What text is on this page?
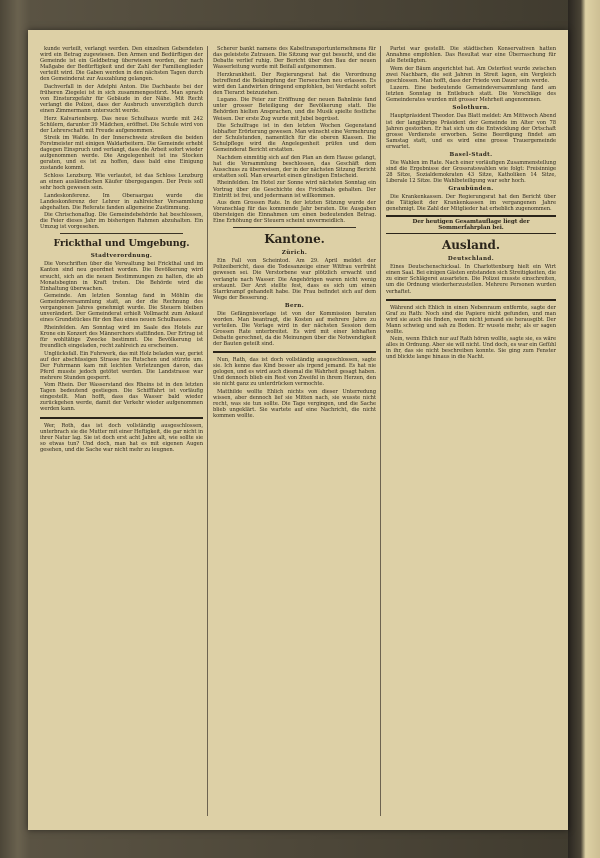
kunde verteilt, verlangt werden. Den einzelnen Gebendeten wird ein Betrag zugewiesen. Den Armen und Bedürftigen der Gemeinde ist ein Geldbetrag überwiesen worden, der nach Maßgabe der Bedürftigkeit und der Zahl der Familienglieder verteilt wird. Die Gaben werden in den nächsten Tagen durch den Gemeinderat zur Auszahlung gelangen.

Dachverfall in der Adelphi Anton. Die Dachbaute bei der früheren Ziegelei ist in sich zusammengestürzt. Man sprach von Einsturzgefahr für Gebäude in der Nähe. Mit Recht verlangt die Polizei, dass der Ausbruch unverzüglich durch einen Zimmermann untersucht werde.

Herz Kalvarienberg. Das neue Schulhaus wurde mit 242 Schülern, darunter 39 Mädchen, eröffnet. Die Schule wird von der Lehrerschaft mit Freude aufgenommen.

Streik im Walde. In der Innerschweiz streiken die beiden Forstmeister mit einigen Waldarbeitern. Die Gemeinde erhebt dagegen Einspruch und verlangt, dass die Arbeit sofort wieder aufgenommen werde. Die Angelegenheit ist ins Stocken geraten, und es ist zu hoffen, dass bald eine Einigung zustande kommt.

Schloss Lenzburg. Wie verlautet, ist das Schloss Lenzburg an einen ausländischen Käufer übergegangen. Der Preis soll sehr hoch gewesen sein.

Landeskonferenz. Im Oberaargau wurde die Landeskonferenz der Lehrer in zahlreicher Versammlung abgehalten. Die Referate fanden allgemeine Zustimmung.

Die Chrischonaflug. Die Gemeindebehörde hat beschlossen, die Feier dieses Jahr im bisherigen Rahmen abzuhalten. Ein Umzug ist vorgesehen.

Frickthal und Umgebung.
Stadtverordnung.

Die Vorschriften über die Verwaltung bei Frickthal und im Kanton sind neu geordnet worden. Die Bevölkerung wird ersucht, sich an die neuen Bestimmungen zu halten, die ab Monatsbeginn in Kraft treten. Die Behörde wird die Einhaltung überwachen.

Gemeinde. Am letzten Sonntag fand in Möhlin die Gemeindeversammlung statt, an der die Rechnung des vergangenen Jahres genehmigt wurde. Die Steuern bleiben unverändert. Der Gemeinderat erhielt Vollmacht zum Ankauf eines Grundstückes für den Bau eines neuen Schulhauses.

Rheinfelden. Am Sonntag wird im Saale des Hotels zur Krone ein Konzert des Männerchors stattfinden. Der Ertrag ist für wohltätige Zwecke bestimmt. Die Bevölkerung ist freundlich eingeladen, recht zahlreich zu erscheinen.

Unglücksfall. Ein Fuhrwerk, das mit Holz beladen war, geriet auf der abschüssigen Strasse ins Rutschen und stürzte um. Der Fuhrmann kam mit leichten Verletzungen davon, das Pferd musste jedoch getötet werden. Die Landstrasse war mehrere Stunden gesperrt.

Vom Rhein. Der Wasserstand des Rheins ist in den letzten Tagen bedeutend gestiegen. Die Schifffahrt ist vorläufig eingestellt. Man hofft, dass das Wasser bald wieder zurückgehen werde, damit der Verkehr wieder aufgenommen werden kann.

Wer, Roth, das ist doch vollständig ausgeschlossen, unterbrach sie die Mutter mit einer Heftigkeit, die gar nicht in ihrer Natur lag. Sie ist doch erst acht Jahre alt, wie sollte sie so etwas tun? Und doch, man hat es mit eigenen Augen gesehen, und die Sache war nicht mehr zu leugnen.

Scherer bankt namens des Kabeltransportunternehmens für das geleistete Zutrauen. Die Sitzung war gut besucht, und die Debatte verlief ruhig. Der Bericht über den Bau der neuen Wasserleitung wurde mit Beifall aufgenommen.

Herzkrankheit. Der Regierungsrat hat die Verordnung betreffend die Bekämpfung der Tierseuchen neu erlassen. Es wird den Landwirten dringend empfohlen, bei Verdacht sofort den Tierarzt beizuziehen.

Lugano. Die Feier zur Eröffnung der neuen Bahnlinie fand unter grosser Beteiligung der Bevölkerung statt. Die Behörden hielten Ansprachen, und die Musik spielte festliche Weisen. Der erste Zug wurde mit Jubel begrüsst.

Die Schulfrage ist in den letzten Wochen Gegenstand lebhafter Erörterung gewesen. Man wünscht eine Vermehrung der Schulstunden, namentlich für die oberen Klassen. Die Schulpflege wird die Angelegenheit prüfen und dem Gemeinderat Bericht erstatten.

Nachdem einmütig sich auf den Plan an dem Hause gelangt, hat die Versammlung beschlossen, das Geschäft dem Ausschuss zu überweisen, der in der nächsten Sitzung Bericht erstatten soll. Man erwartet einen günstigen Entscheid.

Rheinfelden. Im Hotel zur Sonne wird nächsten Sonntag ein Vortrag über die Geschichte des Frickthals gehalten. Der Eintritt ist frei, und jedermann ist willkommen.

Aus dem Grossen Rate. In der letzten Sitzung wurde der Voranschlag für das kommende Jahr beraten. Die Ausgaben übersteigen die Einnahmen um einen bedeutenden Betrag. Eine Erhöhung der Steuern scheint unvermeidlich.

Kantone.
Zürich.

Ein Fall von Scheintod. Am 29. April meldet der Polizeibericht, dass die Todesanzeige einer Witfrau verfrüht gewesen sei. Die Verstorbene war plötzlich erwacht und verlangte nach Wasser. Die Angehörigen waren nicht wenig erstaunt. Der Arzt stellte fest, dass es sich um einen Starrkrampf gehandelt habe. Die Frau befindet sich auf dem Wege der Besserung.

Bern.

Die Gefängnisvorlage ist von der Kommission beraten worden. Man beantragt, die Kosten auf mehrere Jahre zu verteilen. Die Vorlage wird in der nächsten Session dem Grossen Rate unterbreitet. Es wird mit einer lebhaften Debatte gerechnet, da die Meinungen über die Notwendigkeit der Bauten geteilt sind.

Nun, Rath, das ist doch vollständig ausgeschlossen, sagte sie. Ich kenne das Kind besser als irgend jemand. Es hat nie gelogen, und es wird auch diesmal die Wahrheit gesagt haben. Und dennoch blieb ein Rest von Zweifel in ihrem Herzen, den sie nicht ganz zu unterdrücken vermochte.

Matthilde wollte Ehlich nichts von dieser Unterredung wissen, aber dennoch lief sie Mitten nach, sie wusste nicht recht, was sie tun sollte. Die Tage vergingen, und die Sache blieb ungeklärt. Sie wartete auf eine Nachricht, die nicht kommen wollte.

Partei war gestellt. Die städtischen Konservativen hatten Annahme empfohlen. Das Resultat war eine Überraschung für alle Beteiligten.

Wem der Bäum angerichtet hat. Am Osterfest wurde zwischen zwei Nachbarn, die seit Jahren in Streit lagen, ein Vergleich geschlossen. Man hofft, dass der Friede von Dauer sein werde.

Luzern. Eine bedeutende Gemeindeversammlung fand am letzten Sonntag in Entlebuch statt. Die Vorschläge des Gemeinderates wurden mit grosser Mehrheit angenommen.

Solothurn.

Hauptpräsident Theodor. Das Blatt meldet: Am Mittwoch Abend ist der langjährige Präsident der Gemeinde im Alter von 78 Jahren gestorben. Er hat sich um die Entwicklung der Ortschaft grosse Verdienste erworben. Seine Beerdigung findet am Samstag statt, und es wird eine grosse Trauergemeinde erwartet.

Basel-Stadt.

Die Wahlen im Rate. Nach einer vorläufigen Zusammenstellung sind die Ergebnisse der Grossratswahlen wie folgt: Freisinnige 28 Sitze, Sozialdemokraten 43 Sitze, Katholiken 14 Sitze, Liberale 12 Sitze. Die Wahlbeteiligung war sehr hoch.

Graubünden.

Die Krankenkassen. Der Regierungsrat hat den Bericht über die Tätigkeit der Krankenkassen im vergangenen Jahre genehmigt. Die Zahl der Mitglieder hat erheblich zugenommen.

Der heutigen Gesamtauflage liegt der Sommerfahrplan bei.
Ausland.
Deutschland.

Eines Deutschenschicksal. In Charlottenburg hielt ein Wirt einen Saal. Bei einigen Gästen entstanden sich Streitigkeiten, die zu einer Schlägerei ausarteten. Die Polizei musste einschreiten, um die Ordnung wiederherzustellen. Mehrere Personen wurden verhaftet.

Während sich Ehlich in einen Nebenraum entfernte, sagte der Graf zu Rath: Noch sind die Papiere nicht gefunden, und man wird sie auch nie finden, wenn nicht jemand sie herausgibt. Der Mann schwieg und sah zu Boden. Er wusste mehr, als er sagen wollte.

Nein, wenn Ehlich nur auf Rath hören wollte, sagte sie, es wäre alles in Ordnung. Aber sie will nicht. Und doch, es war ein Gefühl in ihr, das sie nicht beschreiben konnte. Sie ging zum Fenster und blickte lange hinaus in die Nacht.
